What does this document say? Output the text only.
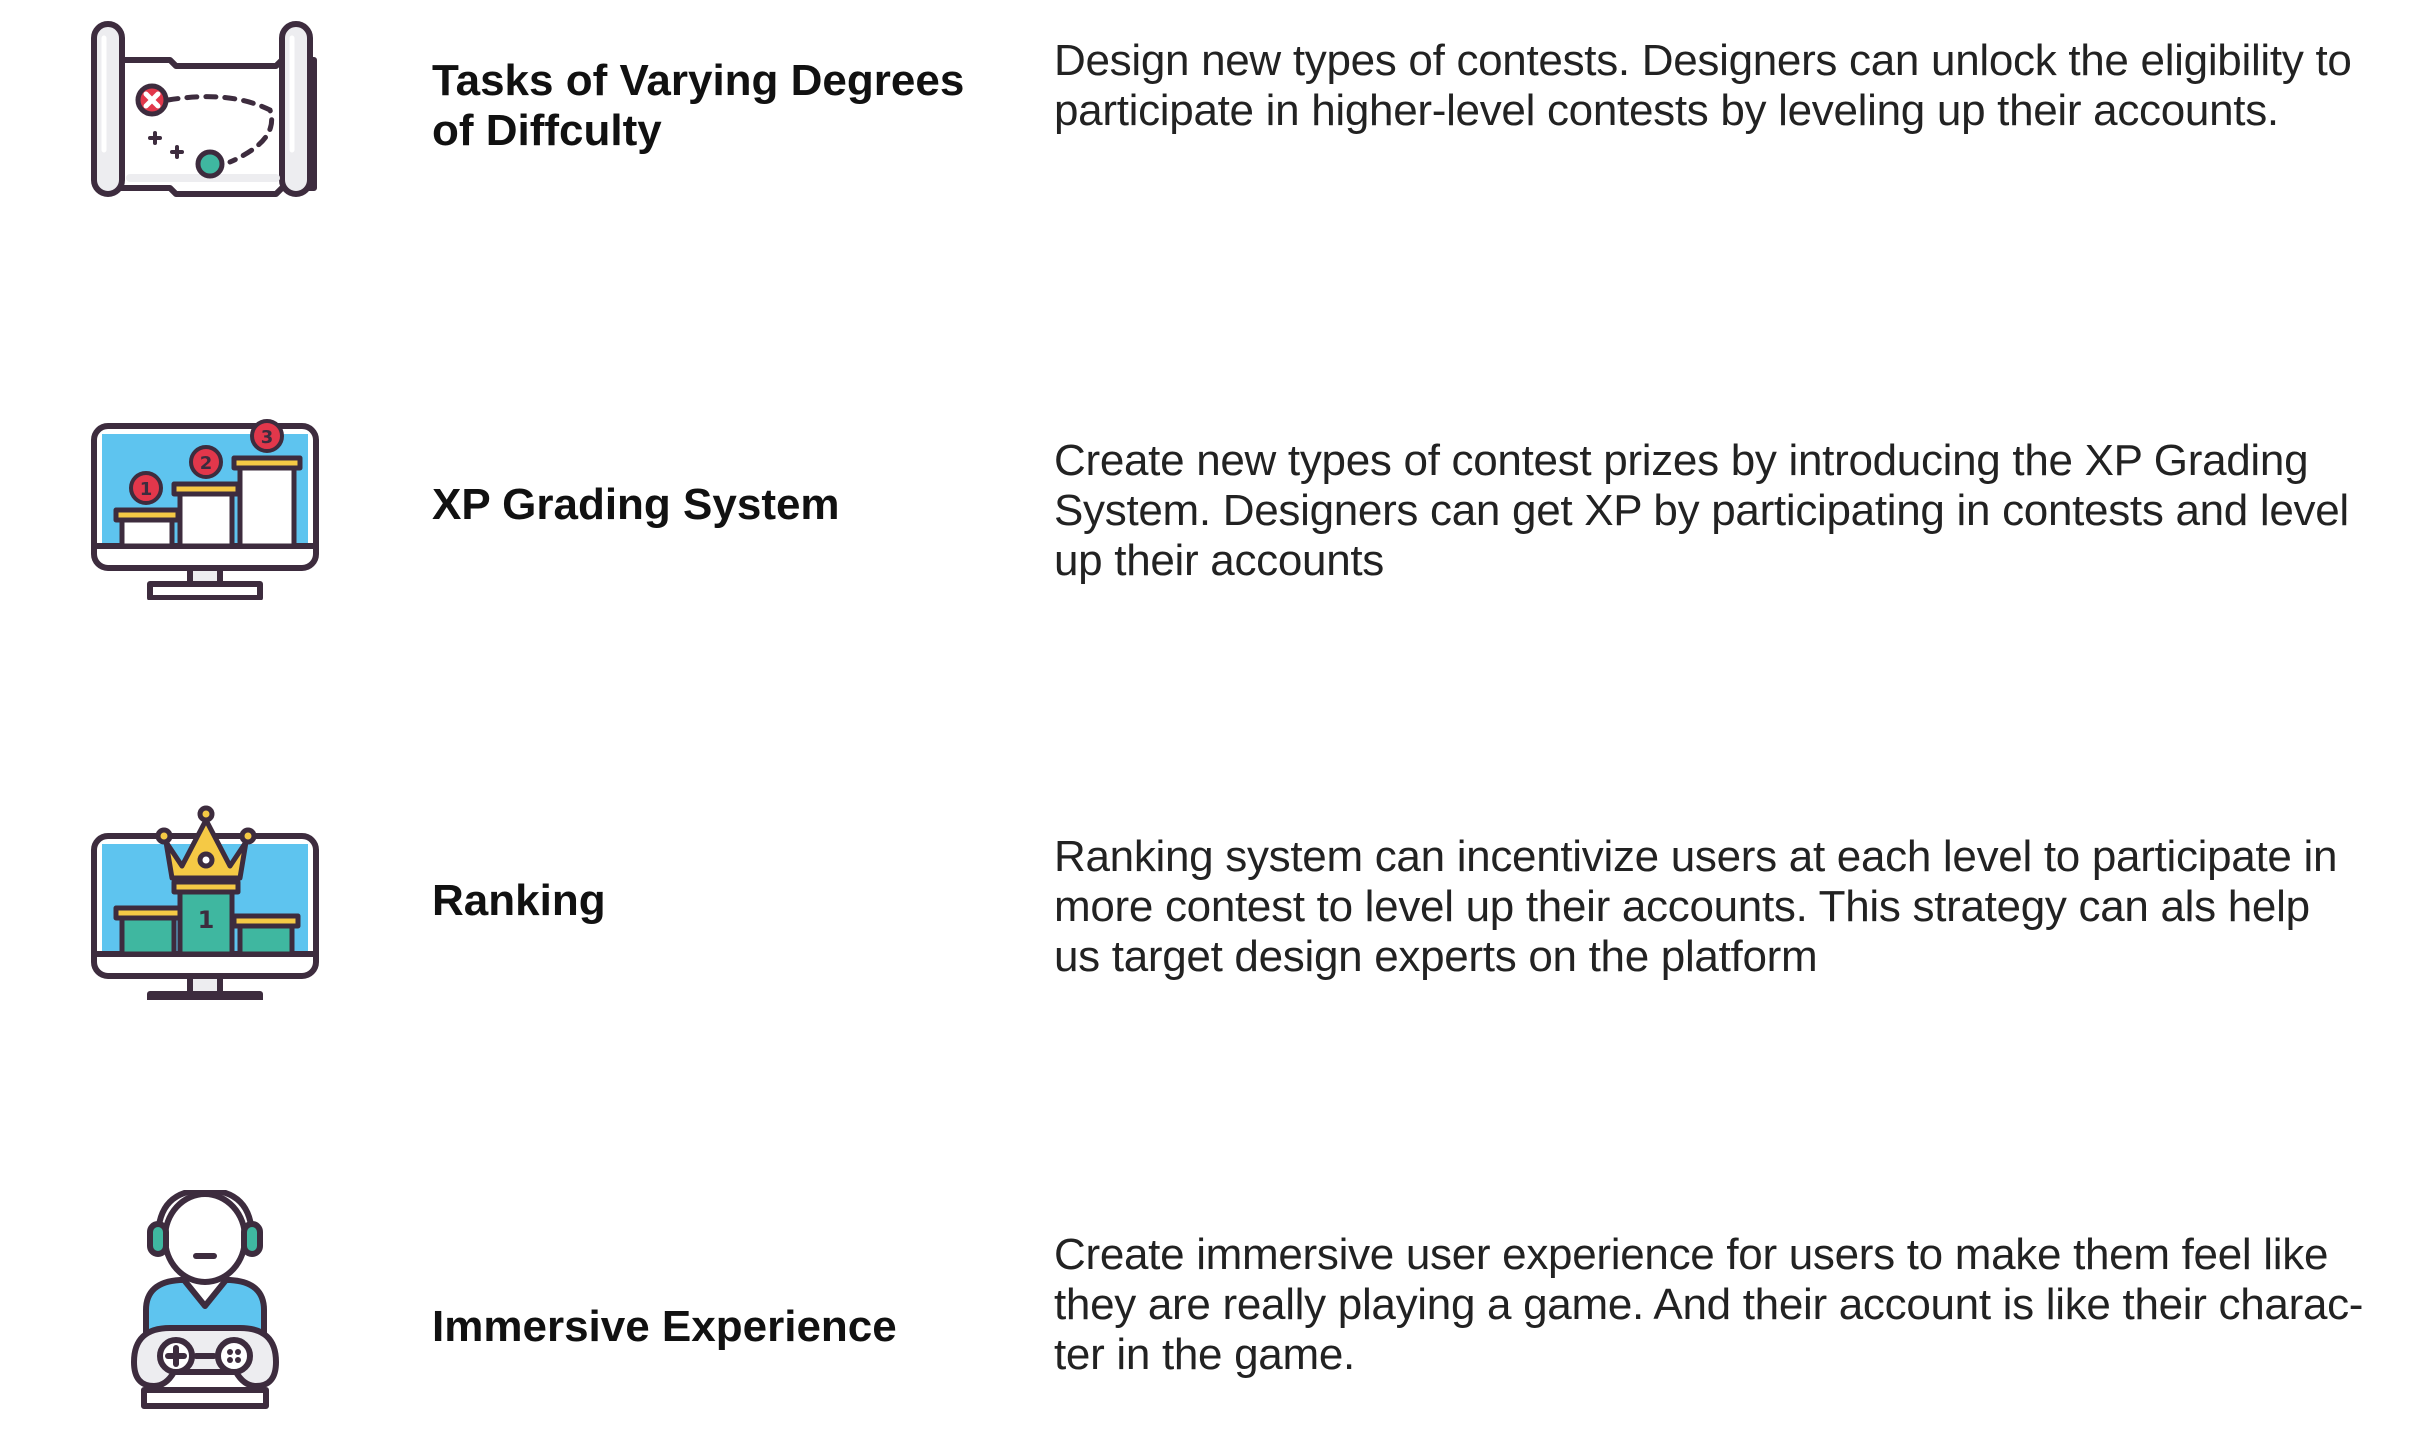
Tasks of Varying Degrees
of Diffculty
Design new types of contests. Designers can unlock the eligibility to
participate in higher-level contests by leveling up their accounts.
1
2
3
XP Grading System
Create new types of contest prizes by introducing the XP Grading
System. Designers can get XP by participating in contests and level
up their accounts
1	Ranking
Ranking system can incentivize users at each level to participate in
more contest to level up their accounts. This strategy can als help
us target design experts on the platform
Immersive Experience
Create immersive user experience for users to make them feel like
they are really playing a game. And their account is like their charac-
ter in the game.
